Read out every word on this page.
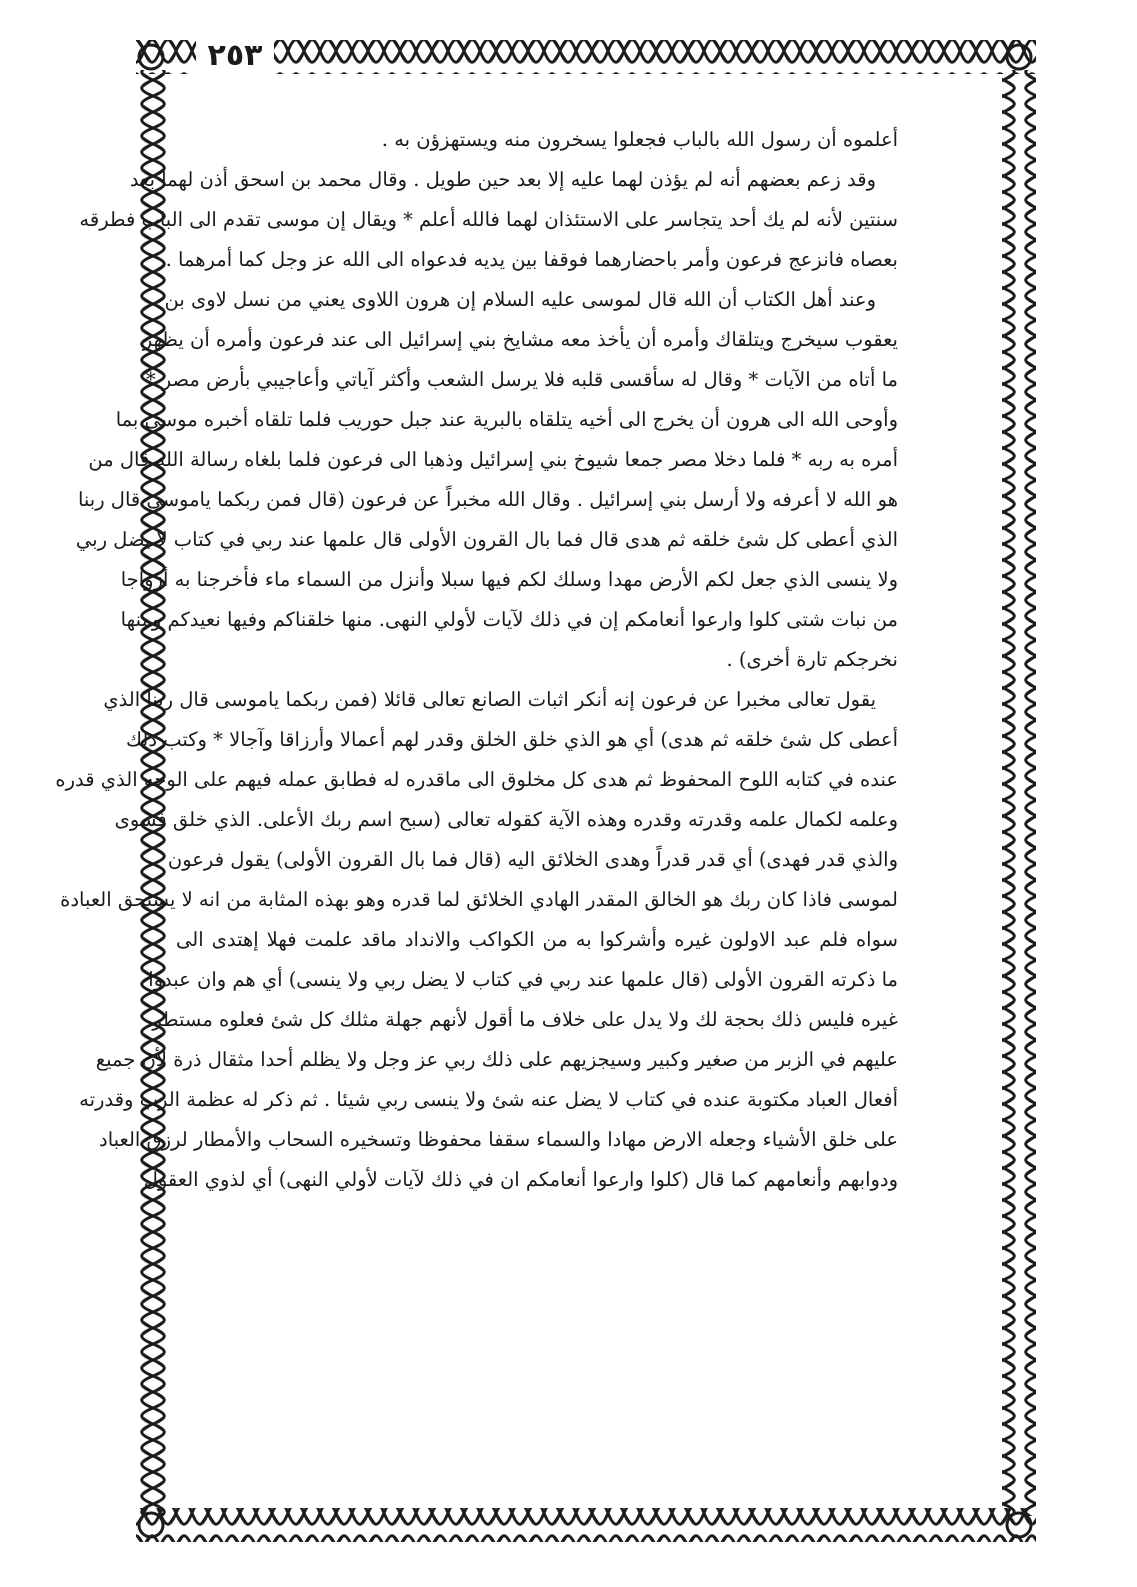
٢٥٣
أعلموه أن رسول الله بالباب فجعلوا يسخرون منه ويستهزؤن به .
وقد زعم بعضهم أنه لم يؤذن لهما عليه إلا بعد حين طويل . وقال محمد بن اسحق أذن لهما بعد
سنتين لأنه لم يك أحد يتجاسر على الاستئذان لهما فالله أعلم * ويقال إن موسى تقدم الى الباب فطرقه
بعصاه فانزعج فرعون وأمر باحضارهما فوقفا بين يديه فدعواه الى الله عز وجل كما أمرهما .
وعند أهل الكتاب أن الله قال لموسى عليه السلام إن هرون اللاوى يعني من نسل لاوى بن
يعقوب سيخرج ويتلقاك وأمره أن يأخذ معه مشايخ بني إسرائيل الى عند فرعون وأمره أن يظهر
ما أتاه من الآيات * وقال له سأقسى قلبه فلا يرسل الشعب وأكثر آياتي وأعاجيبي بأرض مصر *
وأوحى الله الى هرون أن يخرج الى أخيه يتلقاه بالبرية عند جبل حوريب فلما تلقاه أخبره موسى بما
أمره به ربه * فلما دخلا مصر جمعا شيوخ بني إسرائيل وذهبا الى فرعون فلما بلغاه رسالة الله قال من
هو الله لا أعرفه ولا أرسل بني إسرائيل . وقال الله مخبراً عن فرعون (قال فمن ربكما ياموسى قال ربنا
الذي أعطى كل شئ خلقه ثم هدى قال فما بال القرون الأولى قال علمها عند ربي في كتاب لا يضل ربي
ولا ينسى الذي جعل لكم الأرض مهدا وسلك لكم فيها سبلا وأنزل من السماء ماء فأخرجنا به أزواجا
من نبات شتى كلوا وارعوا أنعامكم إن في ذلك لآيات لأولي النهى. منها خلقناكم وفيها نعيدكم ومنها
نخرجكم تارة أخرى) .
يقول تعالى مخبرا عن فرعون إنه أنكر اثبات الصانع تعالى قائلا (فمن ربكما ياموسى قال ربنا الذي
أعطى كل شئ خلقه ثم هدى) أي هو الذي خلق الخلق وقدر لهم أعمالا وأرزاقا وآجالا * وكتب ذلك
عنده في كتابه اللوح المحفوظ ثم هدى كل مخلوق الى ماقدره له فطابق عمله فيهم على الوجه الذي قدره
وعلمه لكمال علمه وقدرته وقدره وهذه الآية كقوله تعالى (سبح اسم ربك الأعلى. الذي خلق فسوى
والذي قدر فهدى) أي قدر قدراً وهدى الخلائق اليه (قال فما بال القرون الأولى) يقول فرعون
لموسى فاذا كان ربك هو الخالق المقدر الهادي الخلائق لما قدره وهو بهذه المثابة من انه لا يستحق العبادة
سواه فلم عبد الاولون غيره وأشركوا به من الكواكب والانداد ماقد علمت فهلا إهتدى الى
ما ذكرته القرون الأولى (قال علمها عند ربي في كتاب لا يضل ربي ولا ينسى) أي هم وان عبدوا
غيره فليس ذلك بحجة لك ولا يدل على خلاف ما أقول لأنهم جهلة مثلك كل شئ فعلوه مستطر
عليهم في الزبر من صغير وكبير وسيجزيهم على ذلك ربي عز وجل ولا يظلم أحدا مثقال ذرة لأن جميع
أفعال العباد مكتوبة عنده في كتاب لا يضل عنه شئ ولا ينسى ربي شيئا . ثم ذكر له عظمة الرب وقدرته
على خلق الأشياء وجعله الارض مهادا والسماء سقفا محفوظا وتسخيره السحاب والأمطار لرزق العباد
ودوابهم وأنعامهم كما قال (كلوا وارعوا أنعامكم ان في ذلك لآيات لأولي النهى) أي لذوي العقول
